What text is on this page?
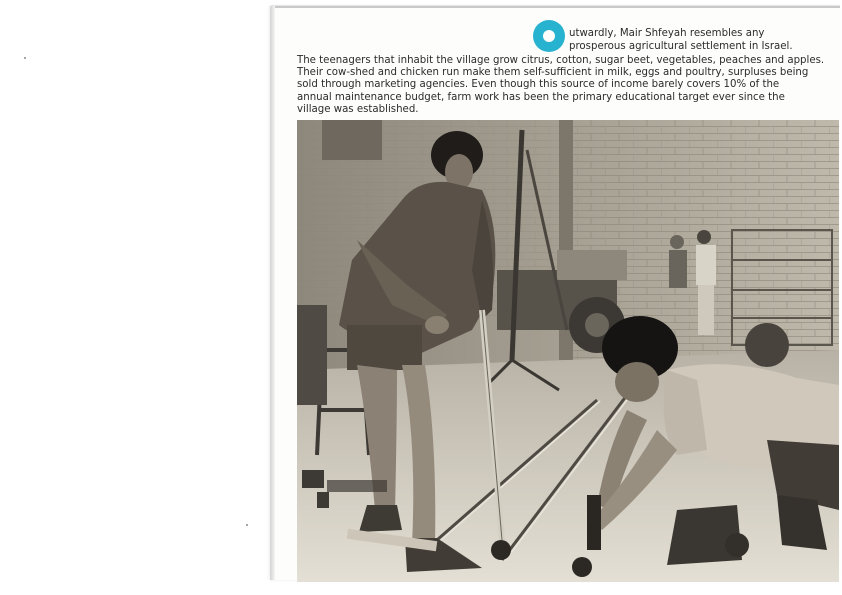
utwardly, Mair Shfeyah resembles any
prosperous agricultural settlement in Israel.
The teenagers that inhabit the village grow citrus, cotton, sugar beet, vegetables, peaches and apples.
Their cow-shed and chicken run make them self-sufficient in milk, eggs and poultry, surpluses being
sold through marketing agencies. Even though this source of income barely covers 10% of the
annual maintenance budget, farm work has been the primary educational target ever since the
village was established.
